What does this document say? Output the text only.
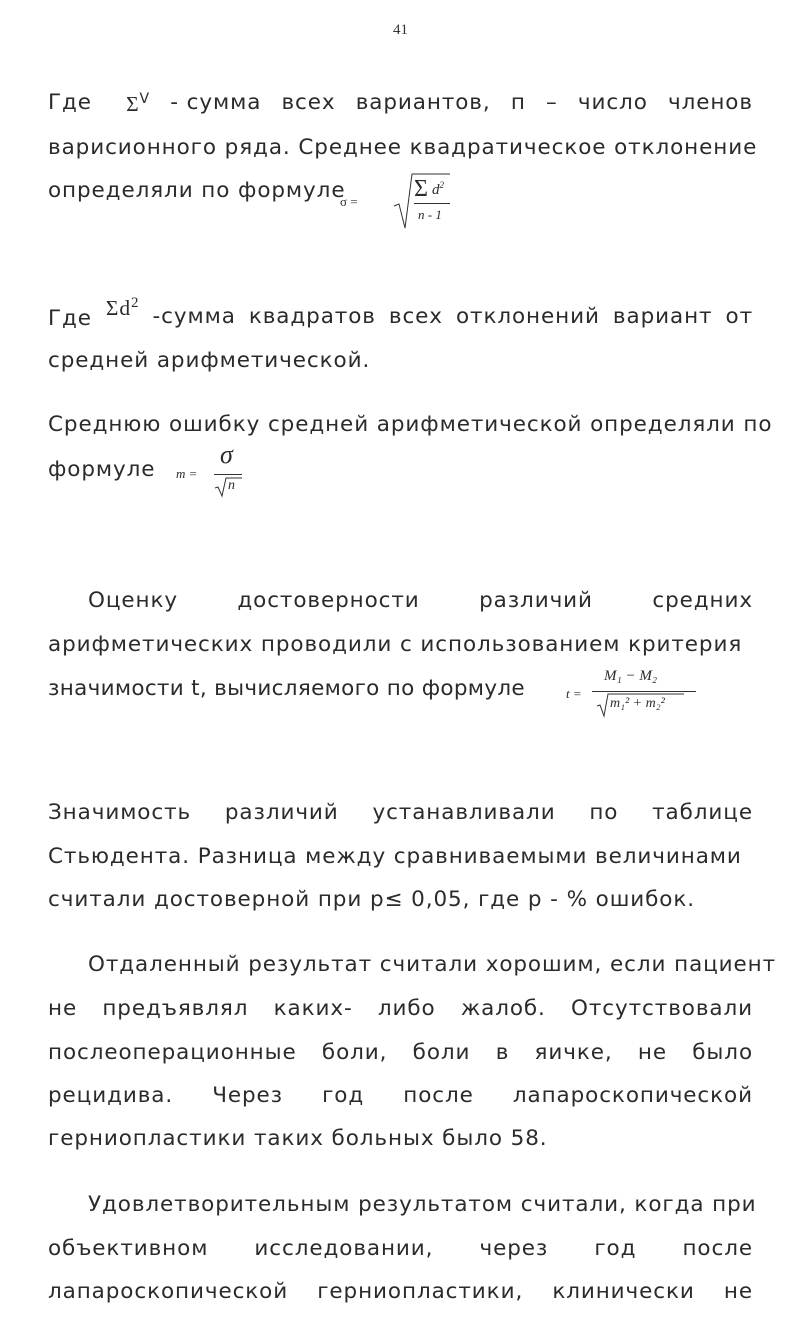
41
Где $\Sigma^V$ - сумма всех вариантов, п – число членов
варисионного ряда. Среднее квадратическое отклонение
определяли по формуле
σ = Σ $d^2$
n - 1
Где $\Sigma d^2$
-сумма квадратов всех отклонений вариант от
средней арифметической.
Среднюю ошибку средней арифметической определяли по
формуле m =
σ
n
Оценку	достоверности	различий	средних
арифметических проводили с использованием критерия
значимости t, вычисляемого по формуле	t =
M₁ − M₂
m₁² + m₂²
Значимость различий устанавливали по таблице
Стьюдента. Разница между сравниваемыми величинами
считали достоверной при р≤ 0,05, где р - % ошибок.
Отдаленный результат считали хорошим, если пациент
не предъявлял каких- либо жалоб. Отсутствовали
послеоперационные боли, боли в яичке, не было
рецидива. Через год после лапароскопической
герниопластики таких больных было 58.
Удовлетворительным результатом считали, когда при
объективном исследовании, через год после
лапароскопической герниопластики, клинически не
